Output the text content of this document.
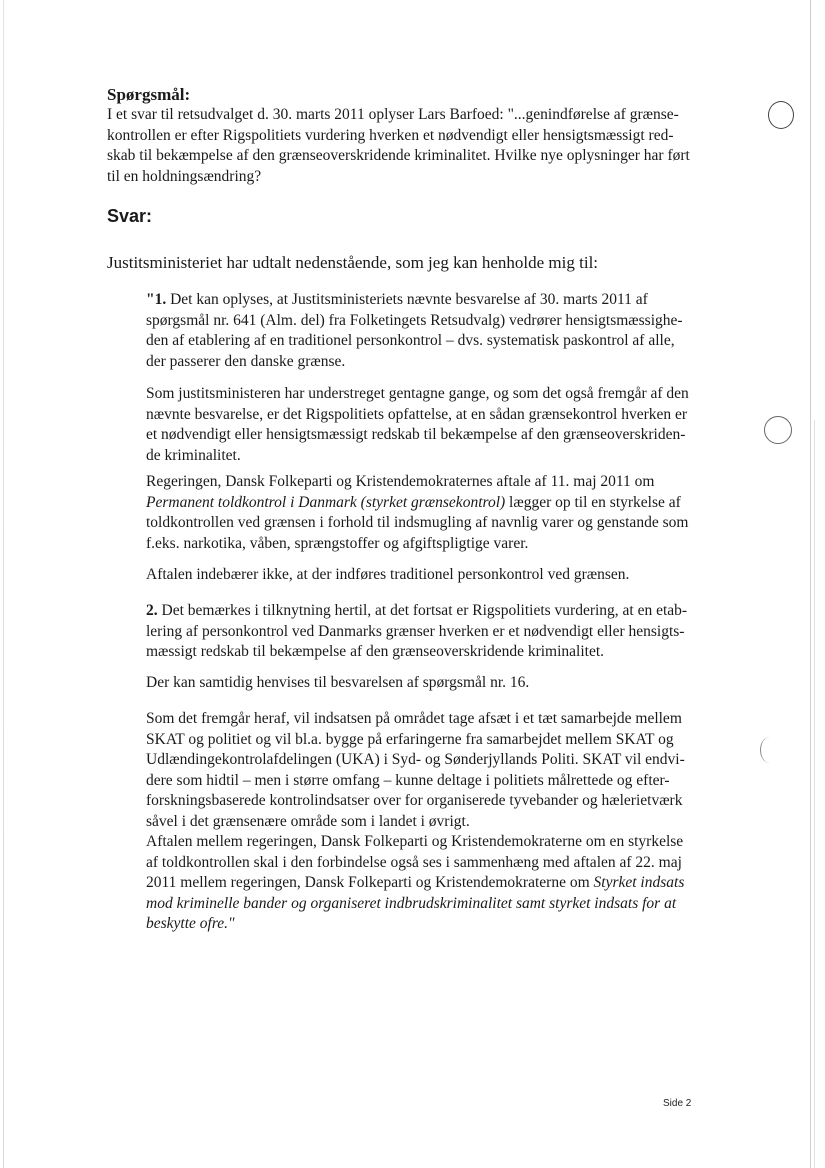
Spørgsmål:

I et svar til retsudvalget d. 30. marts 2011 oplyser Lars Barfoed: "...genindførelse af grænse-
kontrollen er efter Rigspolitiets vurdering hverken et nødvendigt eller hensigtsmæssigt red-
skab til bekæmpelse af den grænseoverskridende kriminalitet. Hvilke nye oplysninger har ført
til en holdningsændring?

Svar:

Justitsministeriet har udtalt nedenstående, som jeg kan henholde mig til:

"1. Det kan oplyses, at Justitsministeriets nævnte besvarelse af 30. marts 2011 af
spørgsmål nr. 641 (Alm. del) fra Folketingets Retsudvalg) vedrører hensigtsmæssighe-
den af etablering af en traditionel personkontrol – dvs. systematisk paskontrol af alle,
der passerer den danske grænse.

Som justitsministeren har understreget gentagne gange, og som det også fremgår af den
nævnte besvarelse, er det Rigspolitiets opfattelse, at en sådan grænsekontrol hverken er
et nødvendigt eller hensigtsmæssigt redskab til bekæmpelse af den grænseoverskriden-
de kriminalitet.

Regeringen, Dansk Folkeparti og Kristendemokraternes aftale af 11. maj 2011 om
Permanent toldkontrol i Danmark (styrket grænsekontrol) lægger op til en styrkelse af
toldkontrollen ved grænsen i forhold til indsmugling af navnlig varer og genstande som
f.eks. narkotika, våben, sprængstoffer og afgiftspligtige varer.

Aftalen indebærer ikke, at der indføres traditionel personkontrol ved grænsen.

2. Det bemærkes i tilknytning hertil, at det fortsat er Rigspolitiets vurdering, at en etab-
lering af personkontrol ved Danmarks grænser hverken er et nødvendigt eller hensigts-
mæssigt redskab til bekæmpelse af den grænseoverskridende kriminalitet.

Der kan samtidig henvises til besvarelsen af spørgsmål nr. 16.

Som det fremgår heraf, vil indsatsen på området tage afsæt i et tæt samarbejde mellem
SKAT og politiet og vil bl.a. bygge på erfaringerne fra samarbejdet mellem SKAT og
Udlændingekontrolafdelingen (UKA) i Syd- og Sønderjyllands Politi. SKAT vil endvi-
dere som hidtil – men i større omfang – kunne deltage i politiets målrettede og efter-
forskningsbaserede kontrolindsatser over for organiserede tyvebander og hælerietværk
såvel i det grænsenære område som i landet i øvrigt.

Aftalen mellem regeringen, Dansk Folkeparti og Kristendemokraterne om en styrkelse
af toldkontrollen skal i den forbindelse også ses i sammenhæng med aftalen af 22. maj
2011 mellem regeringen, Dansk Folkeparti og Kristendemokraterne om Styrket indsats
mod kriminelle bander og organiseret indbrudskriminalitet samt styrket indsats for at
beskytte ofre."

Side 2
